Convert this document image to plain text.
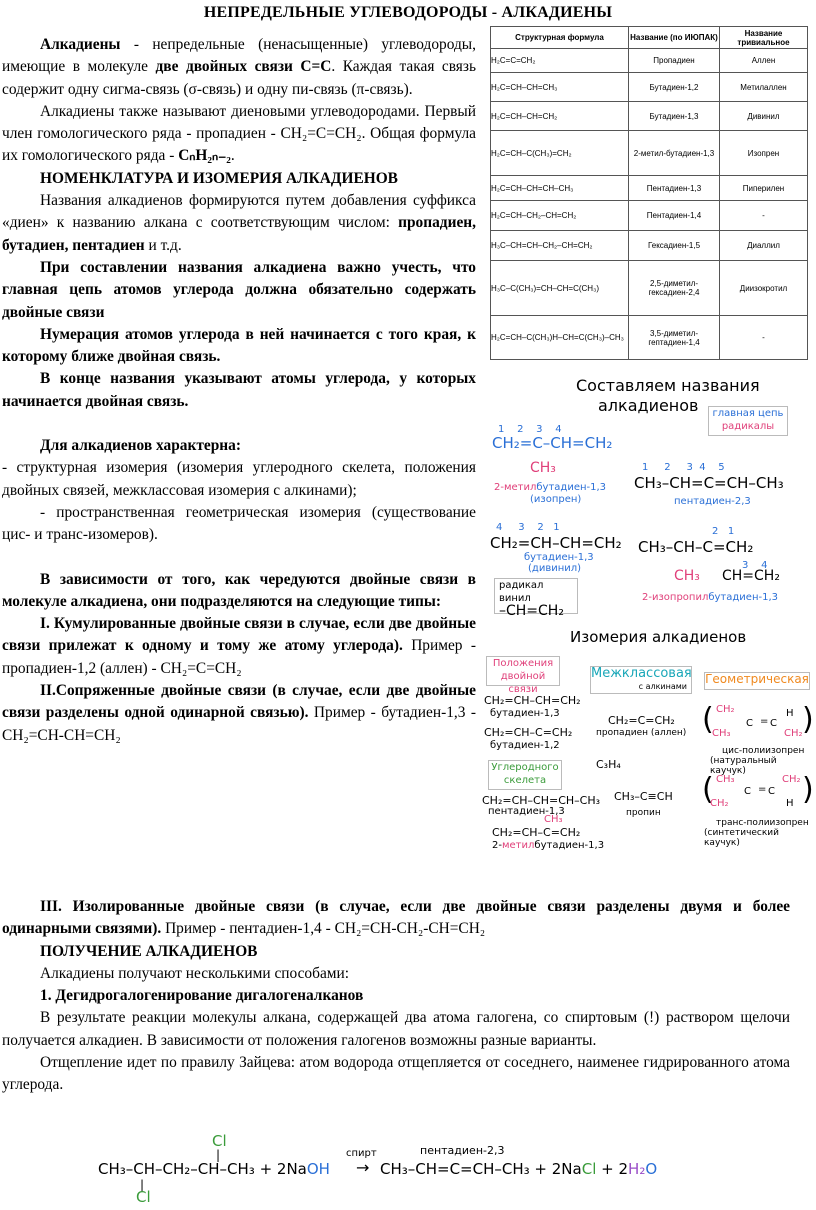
НЕПРЕДЕЛЬНЫЕ УГЛЕВОДОРОДЫ - АЛКАДИЕНЫ

Алкадиены - непредельные (ненасыщенные) углеводороды, имеющие в молекуле две двойных связи С=С. Каждая такая связь содержит одну сигма-связь (σ-связь) и одну пи-связь (π-связь).

Алкадиены также называют диеновыми углеводородами. Первый член гомологического ряда - пропадиен - CH₂=C=CH₂. Общая формула их гомологического ряда - CₙH₂ₙ₋₂.

НОМЕНКЛАТУРА И ИЗОМЕРИЯ АЛКАДИЕНОВ

Названия алкадиенов формируются путем добавления суффикса «диен» к названию алкана с соответствующим числом: пропадиен, бутадиен, пентадиен и т.д.

При составлении названия алкадиена важно учесть, что главная цепь атомов углерода должна обязательно содержать двойные связи

Нумерация атомов углерода в ней начинается с того края, к которому ближе двойная связь.

В конце названия указывают атомы углерода, у которых начинается двойная связь.

Для алкадиенов характерна:

- структурная изомерия (изомерия углеродного скелета, положения двойных связей, межклассовая изомерия с алкинами);

- пространственная геометрическая изомерия (существование цис- и транс-изомеров).

В зависимости от того, как чередуются двойные связи в молекуле алкадиена, они подразделяются на следующие типы:

I. Кумулированные двойные связи в случае, если две двойные связи прилежат к одному и тому же атому углерода). Пример - пропадиен-1,2 (аллен) - CH₂=C=CH₂

II.Сопряженные двойные связи (в случае, если две двойные связи разделены одной одинарной связью). Пример - бутадиен-1,3 - CH₂=CH-CH=CH₂

III. Изолированные двойные связи (в случае, если две двойные связи разделены двумя и более одинарными связями). Пример - пентадиен-1,4 - CH₂=CH-CH₂-CH=CH₂

ПОЛУЧЕНИЕ АЛКАДИЕНОВ

Алкадиены получают несколькими способами:

1. Дегидрогалогенирование дигалогеналканов

В результате реакции молекулы алкана, содержащей два атома галогена, со спиртовым (!) раствором щелочи получается алкадиен. В зависимости от положения галогенов возможны разные варианты.

Отщепление идет по правилу Зайцева: атом водорода отщепляется от соседнего, наименее гидрированного атома углерода.

Структурная формула	Название (по ИЮПАК)	Название тривиальное
H₂C=C=CH₂	Пропадиен	Аллен
H₂C=CH–CH=CH₃	Бутадиен-1,2	Метилаллен
H₂C=CH–CH=CH₂	Бутадиен-1,3	Дивинил
H₂C=CH–C(CH₃)=CH₂	2-метил-бутадиен-1,3	Изопрен
H₂C=CH–CH=CH–CH₃	Пентадиен-1,3	Пиперилен
H₂C=CH–CH₂–CH=CH₂	Пентадиен-1,4	-
H₃C–CH=CH–CH₂–CH=CH₂	Гексадиен-1,5	Диаллил
H₃C–C(CH₃)=CH–CH=C(CH₃)	2,5-диметил-гексадиен-2,4	Диизокротил
H₂C=CH–C(CH₃)H–CH=C(CH₃)–CH₃	3,5-диметил-гептадиен-1,4	-
Составляем названия
алкадиенов	главная цепь
радикалы
1    2    3    4
CH₂=C–CH=CH₂
CH₃
2-метилбутадиен-1,3
(изопрен)
1     2     3  4    5
CH₃–CH=C=CH–CH₃
пентадиен-2,3
4     3    2   1
CH₂=CH–CH=CH₂
бутадиен-1,3
(дивинил)
2   1
CH₃–CH–C=CH₂
CH₃
3    4
CH=CH₂
2-изопропилбутадиен-1,3
радикал винил
–CH=CH₂
Изомерия алкадиенов
Положения двойной связи
CH₂=CH–CH=CH₂
бутадиен-1,3
CH₂=CH–C=CH₂
бутадиен-1,2
Межклассовая
с алкинами
CH₂=C=CH₂
пропадиен (аллен)
C₃H₄
CH₃–C≡CH
пропин
Геометрическая
( CH₂
CH₃
C = C
H
CH₂ )
цис-полиизопрен
(натуральный каучук)
( CH₃
CH₂
C = C
CH₂
H )
транс-полиизопрен
(синтетический каучук)
Углеродного скелета
CH₂=CH–CH=CH–CH₃
пентадиен-1,3
CH₃
CH₂=CH–C=CH₂
2-метилбутадиен-1,3
Cl
|
CH₃–CH–CH₂–CH–CH₃ + 2NaOH
|
Cl
спирт
→
пентадиен-2,3
CH₃–CH=C=CH–CH₃ + 2NaCl + 2H₂O
